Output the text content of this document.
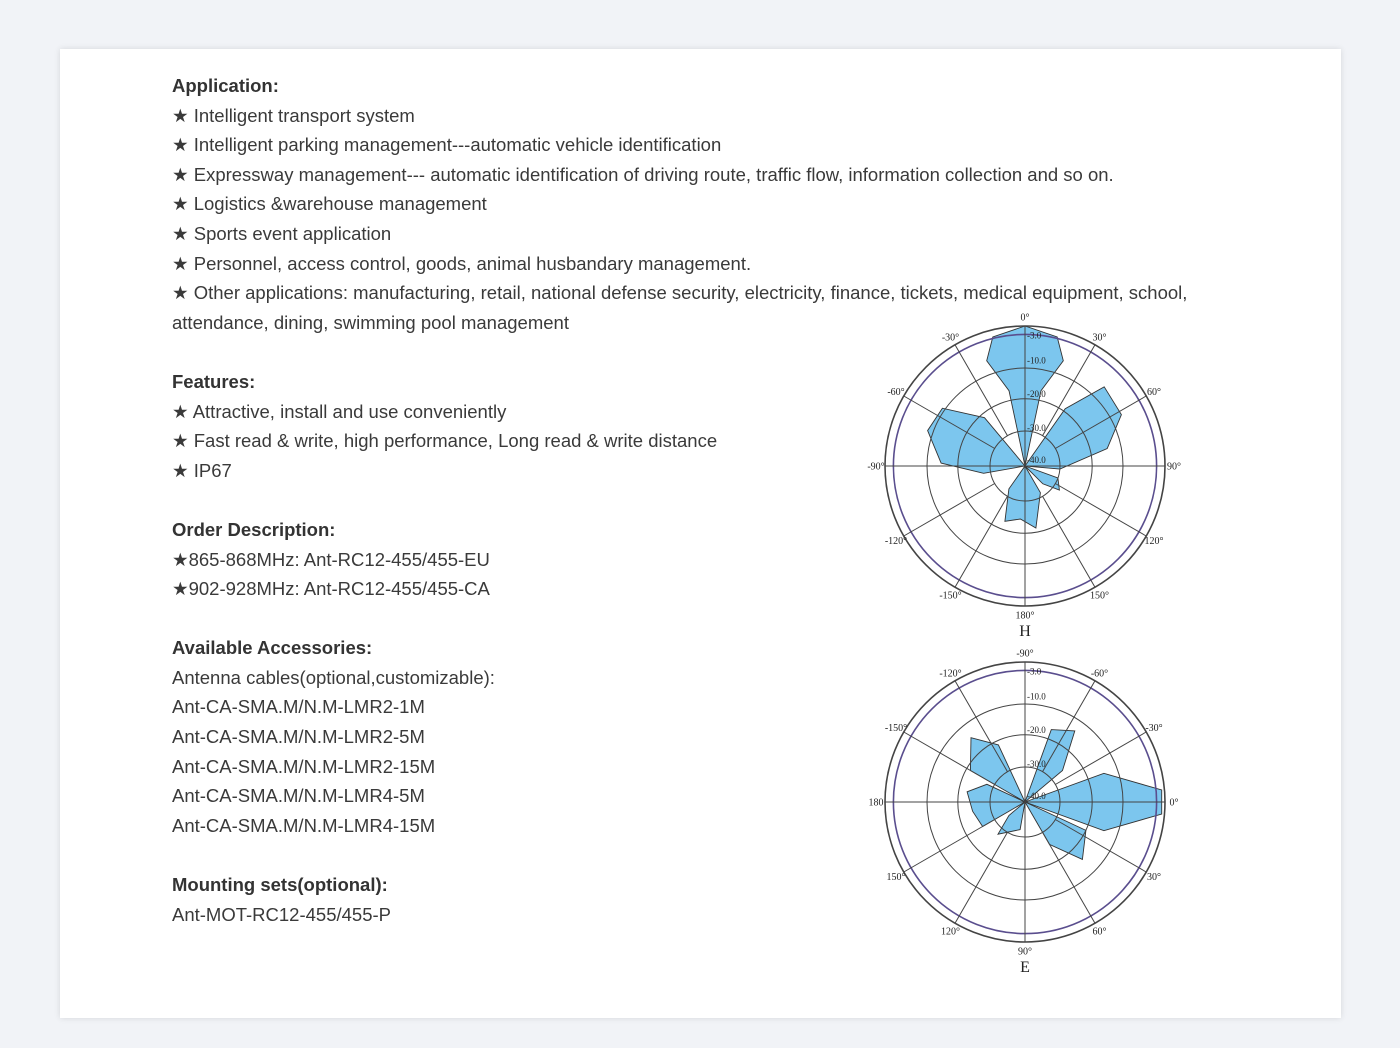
Application:
★ Intelligent transport system
★ Intelligent parking management---automatic vehicle identification
★ Expressway management--- automatic identification of driving route, traffic flow, information collection and so on.
★ Logistics &warehouse management
★ Sports event application
★ Personnel, access control, goods, animal husbandary management.
★ Other applications: manufacturing, retail, national defense security, electricity, finance, tickets, medical equipment, school, attendance, dining, swimming pool management
Features:
★ Attractive, install and use conveniently
★ Fast read & write, high performance, Long read & write distance
★ IP67
Order Description:
★865-868MHz: Ant-RC12-455/455-EU
★902-928MHz: Ant-RC12-455/455-CA
Available Accessories:
Antenna cables(optional,customizable):
Ant-CA-SMA.M/N.M-LMR2-1M
Ant-CA-SMA.M/N.M-LMR2-5M
Ant-CA-SMA.M/N.M-LMR2-15M
Ant-CA-SMA.M/N.M-LMR4-5M
Ant-CA-SMA.M/N.M-LMR4-15M
Mounting sets(optional):
Ant-MOT-RC12-455/455-P
0°
30°
60°
90°
120°
150°
180°
-150°
-120°
-90°
-60°
-30°	-3.0
-10.0
-20.0
-30.0
-40.0
H
-90°
-60°
-30°
0°
30°
60°
90°
120°
150°
180
-150°
-120°	-3.0
-10.0
-20.0
-30.0
-40.0
E
